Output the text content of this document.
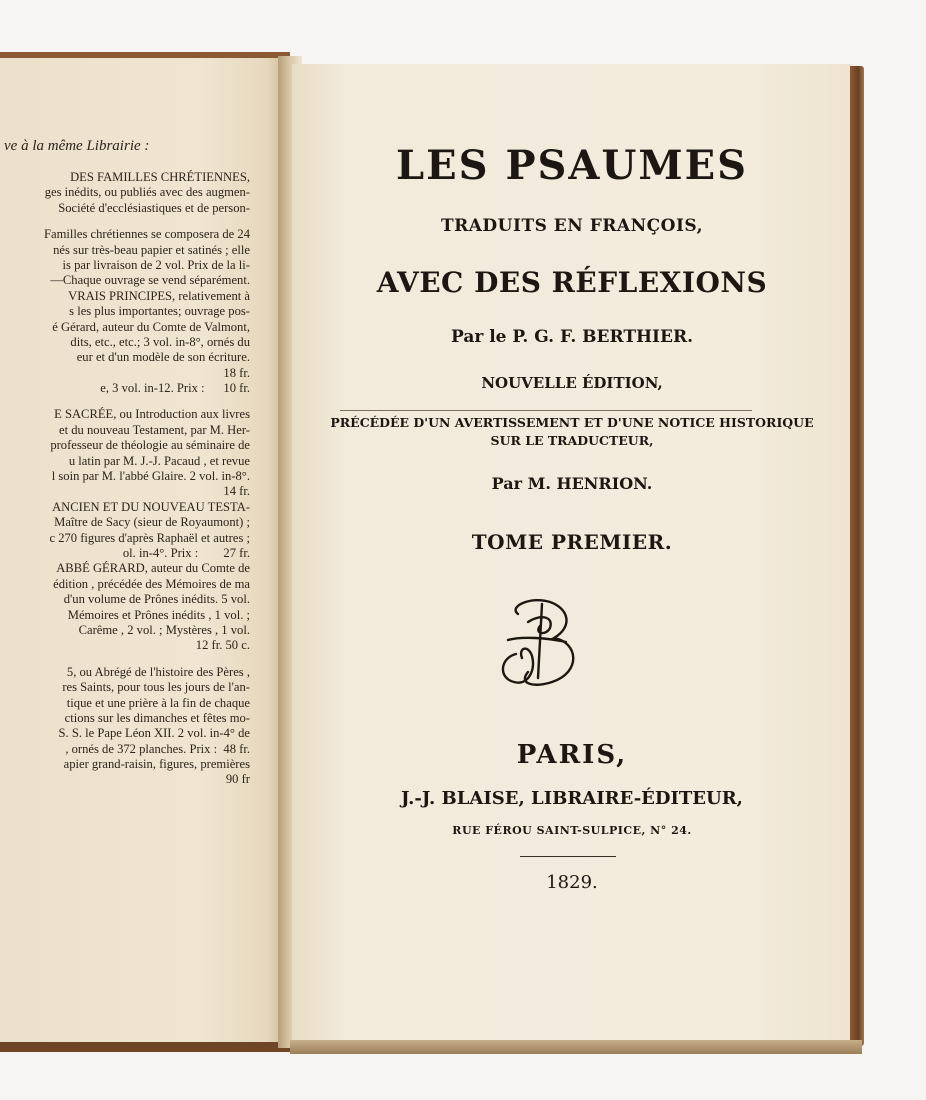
ve à la même Librairie :
DES FAMILLES CHRÉTIENNES,
ges inédits, ou publiés avec des augmen-
Société d'ecclésiastiques et de person-
Familles chrétiennes se composera de 24
nés sur très-beau papier et satinés ; elle
is par livraison de 2 vol. Prix de la li-
—Chaque ouvrage se vend séparément.
VRAIS PRINCIPES, relativement à
s les plus importantes; ouvrage pos-
é Gérard, auteur du Comte de Valmont,
dits, etc., etc.; 3 vol. in-8°, ornés du
eur et d'un modèle de son écriture.
18 fr.
e, 3 vol. in-12. Prix :      10 fr.
E SACRÉE, ou Introduction aux livres
et du nouveau Testament, par M. Her-
professeur de théologie au séminaire de
u latin par M. J.-J. Pacaud , et revue
l soin par M. l'abbé Glaire. 2 vol. in-8°.
14 fr.
ANCIEN ET DU NOUVEAU TESTA-
Maître de Sacy (sieur de Royaumont) ;
c 270 figures d'après Raphaël et autres ;
ol. in-4°. Prix :        27 fr.
ABBÉ GÉRARD, auteur du Comte de
édition , précédée des Mémoires de ma
d'un volume de Prônes inédits. 5 vol.
Mémoires et Prônes inédits , 1 vol. ;
Carême , 2 vol. ; Mystères , 1 vol.
12 fr. 50 c.
5, ou Abrégé de l'histoire des Pères ,
res Saints, pour tous les jours de l'an-
tique et une prière à la fin de chaque
ctions sur les dimanches et fêtes mo-
S. S. le Pape Léon XII. 2 vol. in-4° de
, ornés de 372 planches. Prix :  48 fr.
apier grand-raisin, figures, premières
90 fr
LES PSAUMES
TRADUITS EN FRANÇOIS,
AVEC DES RÉFLEXIONS
Par le P. G. F. BERTHIER.
NOUVELLE ÉDITION,
PRÉCÉDÉE D'UN AVERTISSEMENT ET D'UNE NOTICE HISTORIQUE
SUR LE TRADUCTEUR,
Par M. HENRION.
TOME PREMIER.
PARIS,
J.-J. BLAISE, LIBRAIRE-ÉDITEUR,
RUE FÉROU SAINT-SULPICE, N° 24.
1829.
